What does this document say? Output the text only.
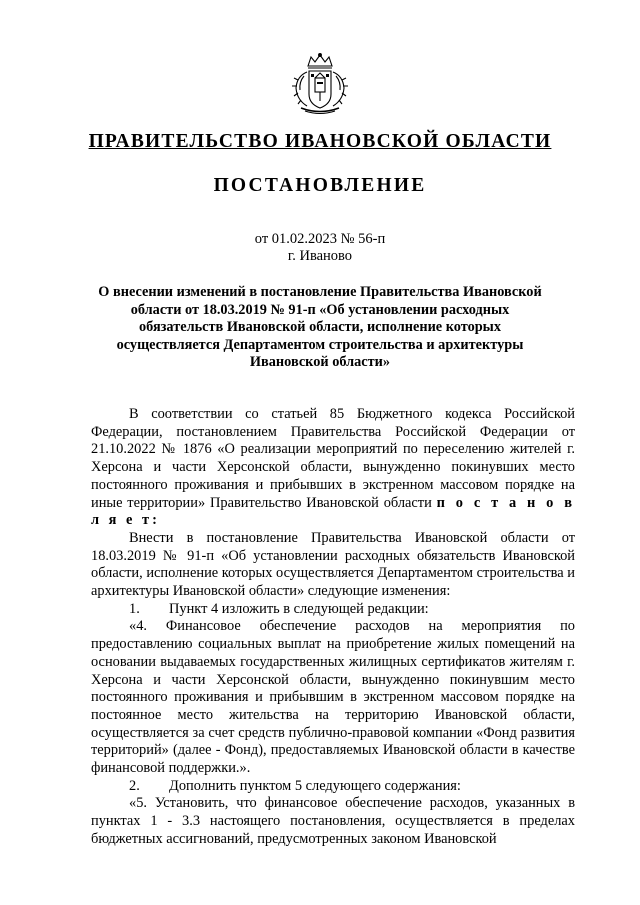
ПРАВИТЕЛЬСТВО ИВАНОВСКОЙ ОБЛАСТИ
ПОСТАНОВЛЕНИЕ
от 01.02.2023 № 56-п
г. Иваново
О внесении изменений в постановление Правительства Ивановской области от 18.03.2019 № 91-п «Об установлении расходных обязательств Ивановской области, исполнение которых осуществляется Департаментом строительства и архитектуры Ивановской области»

В соответствии со статьей 85 Бюджетного кодекса Российской Федерации, постановлением Правительства Российской Федерации от 21.10.2022 № 1876 «О реализации мероприятий по переселению жителей г. Херсона и части Херсонской области, вынужденно покинувших место постоянного проживания и прибывших в экстренном массовом порядке на иные территории» Правительство Ивановской области п о с т а н о в л я е т:

Внести в постановление Правительства Ивановской области от 18.03.2019 № 91-п «Об установлении расходных обязательств Ивановской области, исполнение которых осуществляется Департаментом строительства и архитектуры Ивановской области» следующие изменения:

1. Пункт 4 изложить в следующей редакции:

«4. Финансовое обеспечение расходов на мероприятия по предоставлению социальных выплат на приобретение жилых помещений на основании выдаваемых государственных жилищных сертификатов жителям г. Херсона и части Херсонской области, вынужденно покинувшим место постоянного проживания и прибывшим в экстренном массовом порядке на постоянное место жительства на территорию Ивановской области, осуществляется за счет средств публично-правовой компании «Фонд развития территорий» (далее - Фонд), предоставляемых Ивановской области в качестве финансовой поддержки.».

2. Дополнить пунктом 5 следующего содержания:

«5. Установить, что финансовое обеспечение расходов, указанных в пунктах 1 - 3.3 настоящего постановления, осуществляется в пределах бюджетных ассигнований, предусмотренных законом Ивановской
